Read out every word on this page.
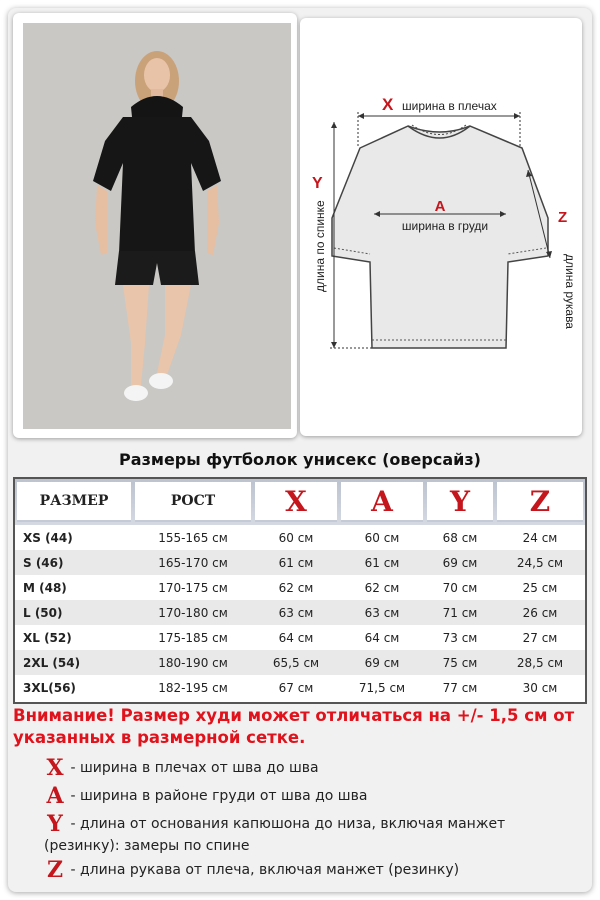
X ширина в плечах
A
ширина в груди
Y
длина по спинке	Z
длина рукава
Размеры футболок унисекс (оверсайз)
РАЗМЕР	РОСТ	X	A	Y	Z

XS (44)	155-165 см	60 см	60 см	68 см	24 см
S (46)	165-170 см	61 см	61 см	69 см	24,5 см
M (48)	170-175 см	62 см	62 см	70 см	25 см
L (50)	170-180 см	63 см	63 см	71 см	26 см
XL (52)	175-185 см	64 см	64 см	73 см	27 см
2XL (54)	180-190 см	65,5 см	69 см	75 см	28,5 см
3XL(56)	182-195 см	67 см	71,5 см	77 см	30 см
Внимание! Размер худи может отличаться на +/- 1,5 см от указанных в размерной сетке.
X - ширина в плечах от шва до шва
A - ширина в районе груди от шва до шва
Y - длина от основания капюшона до низа, включая манжет (резинку): замеры по спине
Z - длина рукава от плеча, включая манжет (резинку)
